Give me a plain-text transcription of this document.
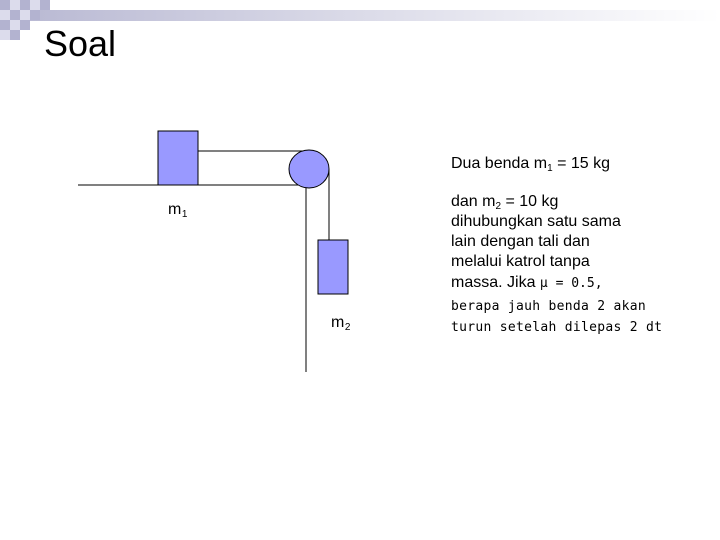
Soal
$m_1$
$m_2$
Dua benda $m_1 = 15$ kg
dan $m_2 = 10$ kg
dihubungkan satu sama
lain dengan tali dan
melalui katrol tanpa
massa. Jika μ = 0.5,
berapa jauh benda 2 akan
turun setelah dilepas 2 dt
